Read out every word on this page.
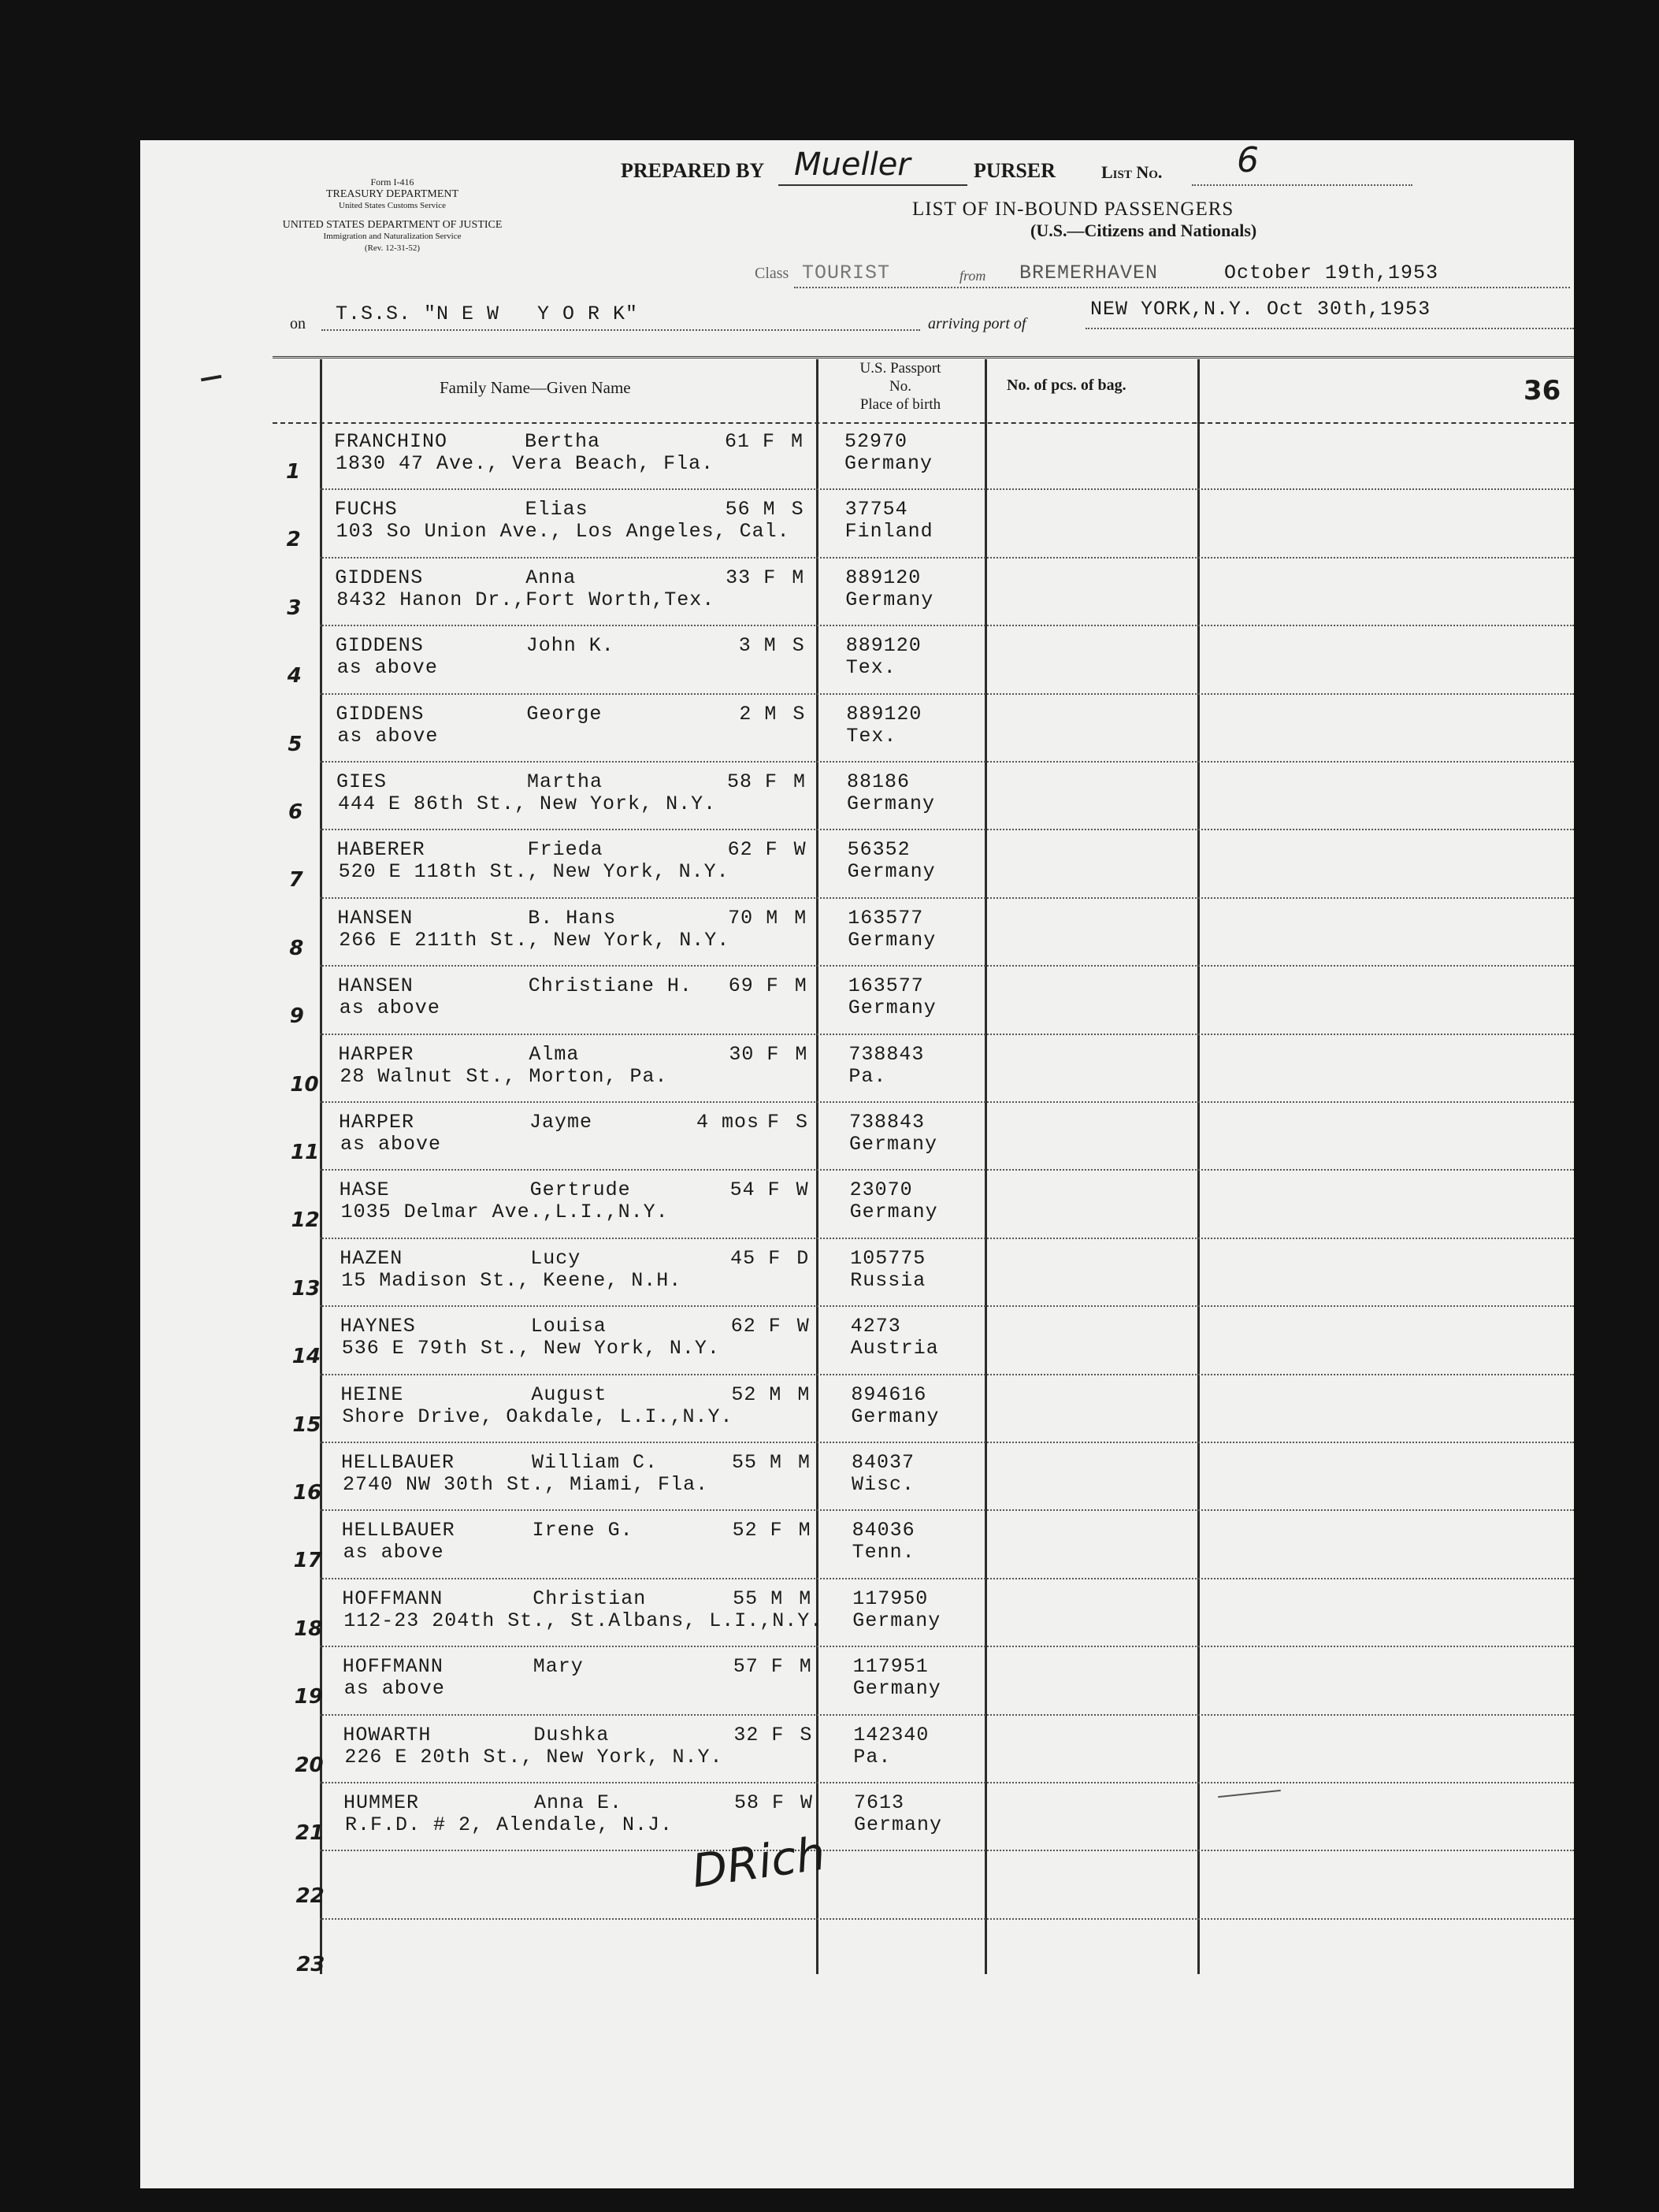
Form I-416
TREASURY DEPARTMENT
United States Customs Service
UNITED STATES DEPARTMENT OF JUSTICE
Immigration and Naturalization Service
(Rev. 12-31-52)
PREPARED BY Mueller	PURSER	List No. 6
LIST OF IN-BOUND PASSENGERS
(U.S.—Citizens and Nationals)
Class TOURIST	from BREMERHAVEN	October 19th,1953
on T.S.S. "N E W   Y O R K"	arriving port of
NEW YORK,N.Y. Oct 30th,1953
Family Name—Given Name
U.S. Passport
No.
Place of birth
No. of pcs. of bag.	36
1
FRANCHINO	Bertha	61 F M
1830 47 Ave., Vera Beach, Fla.
52970
Germany
2
FUCHS	Elias	56 M S
103 So Union Ave., Los Angeles, Cal.
37754
Finland
3
GIDDENS	Anna	33 F M
8432 Hanon Dr.,Fort Worth,Tex.
889120
Germany
4
GIDDENS	John K.	3 M S
as above
889120
Tex.
5
GIDDENS	George	2 M S
as above
889120
Tex.
6
GIES	Martha	58 F M
444 E 86th St., New York, N.Y.
88186
Germany
7
HABERER	Frieda	62 F W
520 E 118th St., New York, N.Y.
56352
Germany
8
HANSEN	B. Hans	70 M M
266 E 211th St., New York, N.Y.
163577
Germany
9
HANSEN	Christiane H.	69 F M
as above
163577
Germany
10
HARPER	Alma	30 F M
28 Walnut St., Morton, Pa.
738843
Pa.
11
HARPER	Jayme	4 mos F S
as above
738843
Germany
12
HASE	Gertrude	54 F W
1035 Delmar Ave.,L.I.,N.Y.
23070
Germany
13
HAZEN	Lucy	45 F D
15 Madison St., Keene, N.H.
105775
Russia
14
HAYNES	Louisa	62 F W
536 E 79th St., New York, N.Y.
4273
Austria
15
HEINE	August	52 M M
Shore Drive, Oakdale, L.I.,N.Y.
894616
Germany
16
HELLBAUER	William C.	55 M M
2740 NW 30th St., Miami, Fla.
84037
Wisc.
17
HELLBAUER	Irene G.	52 F M
as above
84036
Tenn.
18
HOFFMANN	Christian	55 M M
112-23 204th St., St.Albans, L.I.,N.Y.
117950
Germany
19
HOFFMANN	Mary	57 F M
as above
117951
Germany
20
HOWARTH	Dushka	32 F S
226 E 20th St., New York, N.Y.
142340
Pa.
21
HUMMER	Anna E.	58 F W
R.F.D. # 2, Alendale, N.J.
7613
Germany
22
23
DRich
